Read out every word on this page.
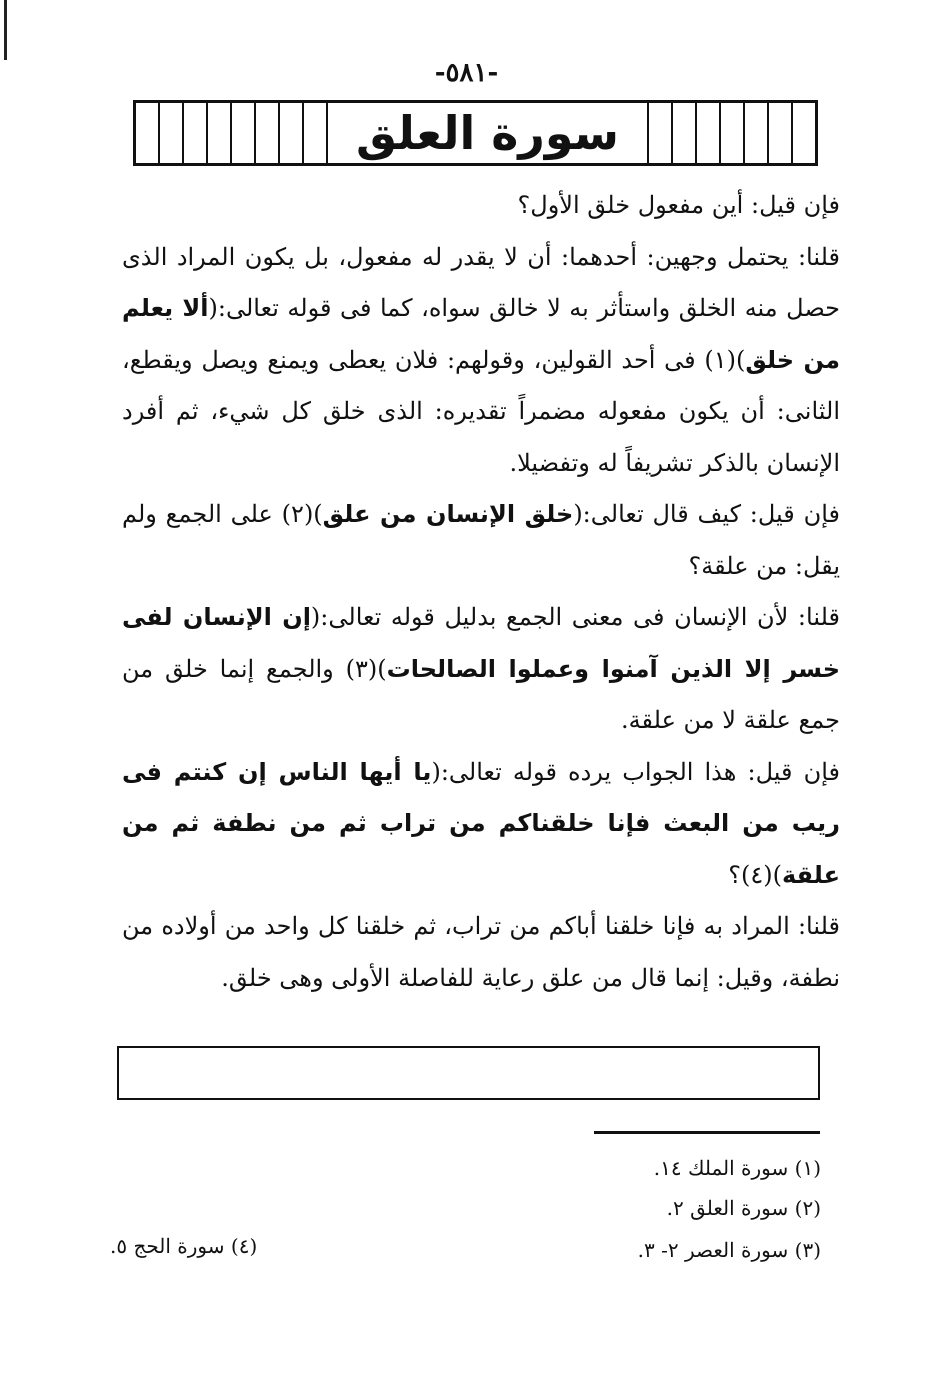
-٥٨١-
سورة العلق

فإن قيل: أين مفعول خلق الأول؟

قلنا: يحتمل وجهين: أحدهما: أن لا يقدر له مفعول، بل يكون المراد الذى حصل منه الخلق واستأثر به لا خالق سواه، كما فى قوله تعالى:(ألا يعلم من خلق)(١) فى أحد القولين، وقولهم: فلان يعطى ويمنع ويصل ويقطع، الثانى: أن يكون مفعوله مضمراً تقديره: الذى خلق كل شيء، ثم أفرد الإنسان بالذكر تشريفاً له وتفضيلا.

فإن قيل: كيف قال تعالى:(خلق الإنسان من علق)(٢) على الجمع ولم يقل: من علقة؟

قلنا: لأن الإنسان فى معنى الجمع بدليل قوله تعالى:(إن الإنسان لفى خسر إلا الذين آمنوا وعملوا الصالحات)(٣) والجمع إنما خلق من جمع علقة لا من علقة.

فإن قيل: هذا الجواب يرده قوله تعالى:(يا أيها الناس إن كنتم فى ريب من البعث فإنا خلقناكم من تراب ثم من نطفة ثم من علقة)(٤)؟

قلنا: المراد به فإنا خلقنا أباكم من تراب، ثم خلقنا كل واحد من أولاده من نطفة، وقيل: إنما قال من علق رعاية للفاصلة الأولى وهى خلق.

(١) سورة الملك ١٤.
(٢) سورة العلق ٢.
(٣) سورة العصر ٢- ٣.
(٤) سورة الحج ٥.
